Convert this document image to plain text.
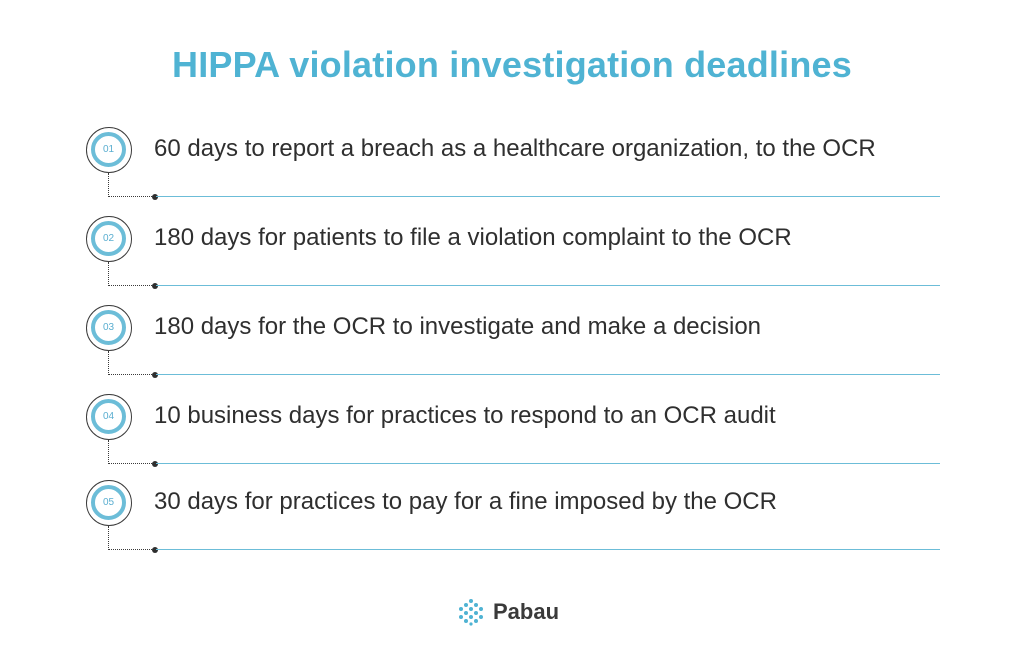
HIPPA violation investigation deadlines
01	60 days to report a breach as a healthcare organization, to the OCR
02	180 days for patients to file a violation complaint to the OCR
03	180 days for the OCR to investigate and make a decision
04	10 business days for practices to respond to an OCR audit
05	30 days for practices to pay for a fine imposed by the OCR
Pabau
